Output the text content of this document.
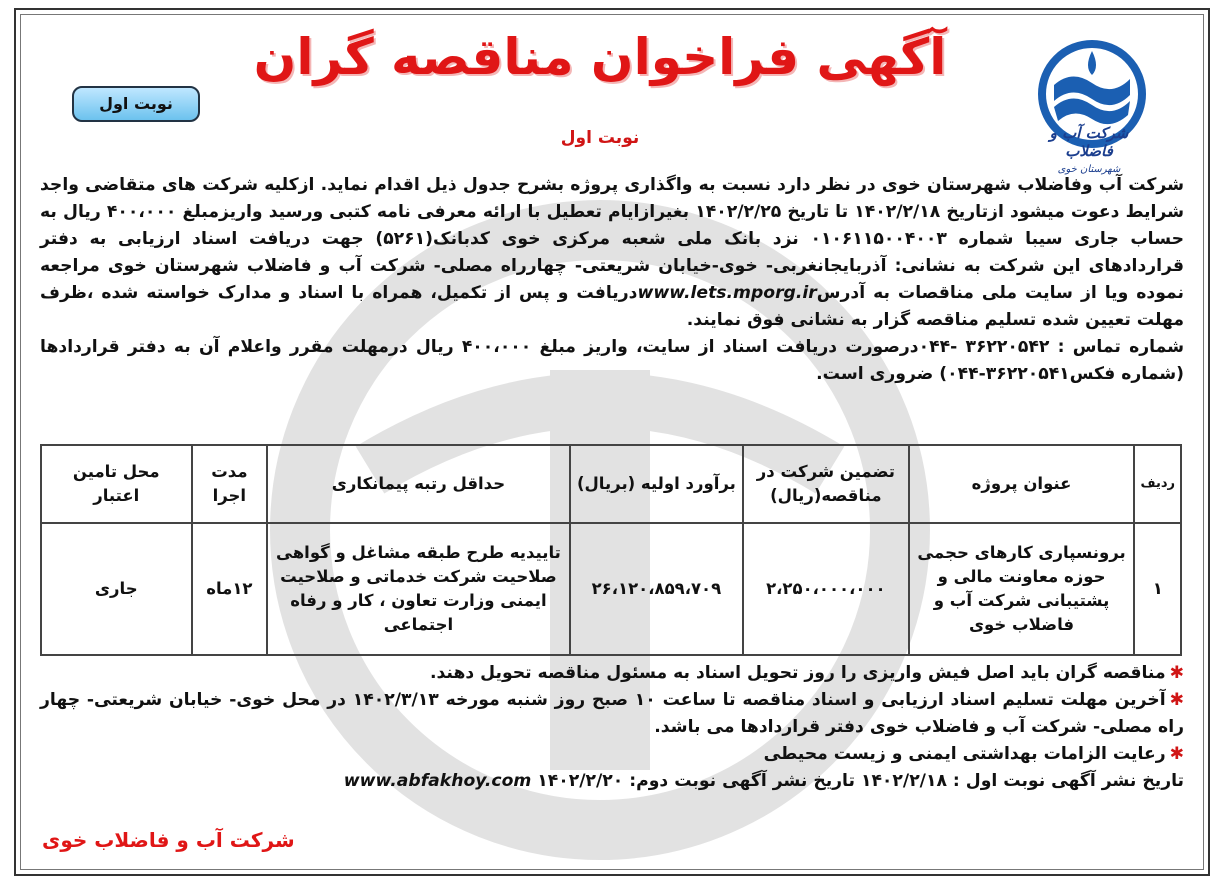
شرکت آب و فاضلاب
شهرستان خوی
آگهی فراخوان مناقصه گران
نوبت اول
نوبت اول

شرکت آب وفاضلاب شهرستان خوی در نظر دارد نسبت به واگذاری پروژه بشرح جدول ذیل اقدام نماید. ازکلیه شرکت های متقاضی واجد شرایط دعوت میشود ازتاریخ ۱۴۰۲/۲/۱۸ تا تاریخ ۱۴۰۲/۲/۲۵ بغیرازایام تعطیل با ارائه معرفی نامه کتبی ورسید واریزمبلغ ۴۰۰،۰۰۰ ریال به حساب جاری سیبا شماره ۰۱۰۶۱۱۵۰۰۴۰۰۳ نزد بانک ملی شعبه مرکزی خوی کدبانک(۵۲۶۱) جهت دریافت اسناد ارزیابی به دفتر قراردادهای این شرکت به نشانی: آذربایجانغربی- خوی-خیابان شریعتی- چهارراه مصلی- شرکت آب و فاضلاب شهرستان خوی مراجعه نموده ویا از سایت ملی مناقصات به آدرسwww.lets.mporg.irدریافت و پس از تکمیل، همراه با اسناد و مدارک خواسته شده ،ظرف مهلت تعیین شده تسلیم مناقصه گزار به نشانی فوق نمایند.

شماره تماس : ۳۶۲۲۰۵۴۲ -۰۴۴درصورت دریافت اسناد از سایت، واریز مبلغ ۴۰۰،۰۰۰ ریال درمهلت مقرر واعلام آن به دفتر قراردادها (شماره فکس۳۶۲۲۰۵۴۱-۰۴۴) ضروری است.

ردیف	عنوان پروژه	تضمین شرکت در مناقصه(ریال)	برآورد اولیه (بریال)	حداقل رتبه پیمانکاری	مدت اجرا	محل تامین اعتبار
۱	برونسپاری کارهای حجمی حوزه معاونت مالی و پشتیبانی شرکت آب و فاضلاب خوی	۲،۲۵۰،۰۰۰،۰۰۰	۲۶،۱۲۰،۸۵۹،۷۰۹	تاییدیه طرح طبقه مشاغل و گواهی صلاحیت شرکت خدماتی و صلاحیت ایمنی وزارت تعاون ، کار و رفاه اجتماعی	۱۲ماه	جاری

✱مناقصه گران باید اصل فیش واریزی را روز تحویل اسناد به مسئول مناقصه تحویل دهند.

✱آخرین مهلت تسلیم اسناد ارزیابی و اسناد مناقصه تا ساعت ۱۰ صبح روز شنبه مورخه ۱۴۰۲/۳/۱۳ در محل خوی- خیابان شریعتی- چهار راه مصلی- شرکت آب و فاضلاب خوی دفتر قراردادها می باشد.

✱رعایت الزامات بهداشتی ایمنی و زیست محیطی

تاریخ نشر آگهی نوبت اول : ۱۴۰۲/۲/۱۸ تاریخ نشر آگهی نوبت دوم: ۱۴۰۲/۲/۲۰ www.abfakhoy.com

شرکت آب و فاضلاب خوی
